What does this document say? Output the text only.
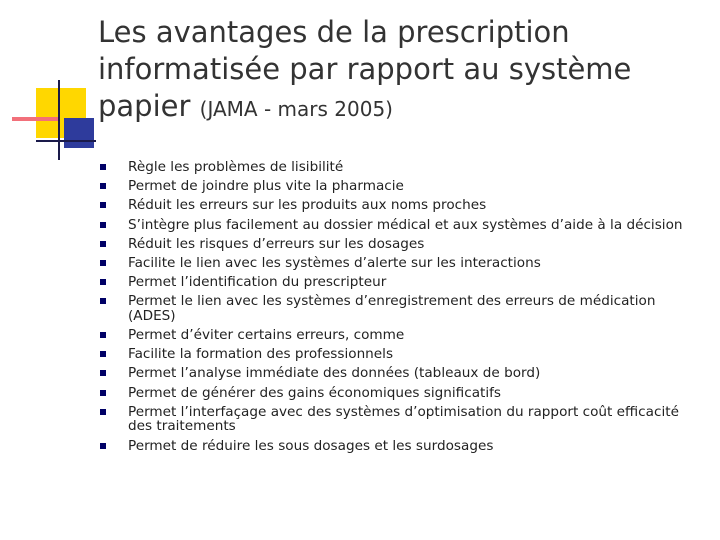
Les avantages de la prescription
informatisée par rapport au système
papier (JAMA - mars 2005)
Règle les problèmes de lisibilité
Permet de joindre plus vite la pharmacie
Réduit les erreurs sur les produits aux noms proches
S’intègre plus facilement au dossier médical et aux systèmes d’aide à la décision
Réduit les risques d’erreurs sur les dosages
Facilite le lien avec les systèmes d’alerte sur les interactions
Permet l’identification du prescripteur
Permet le lien avec les systèmes d’enregistrement des erreurs de médication (ADES)
Permet d’éviter certains erreurs, comme
Facilite la formation des professionnels
Permet l’analyse immédiate des données (tableaux de bord)
Permet de générer des gains économiques significatifs
Permet l’interfaçage avec des systèmes d’optimisation du rapport coût efficacité des traitements
Permet de réduire les sous dosages et les surdosages
